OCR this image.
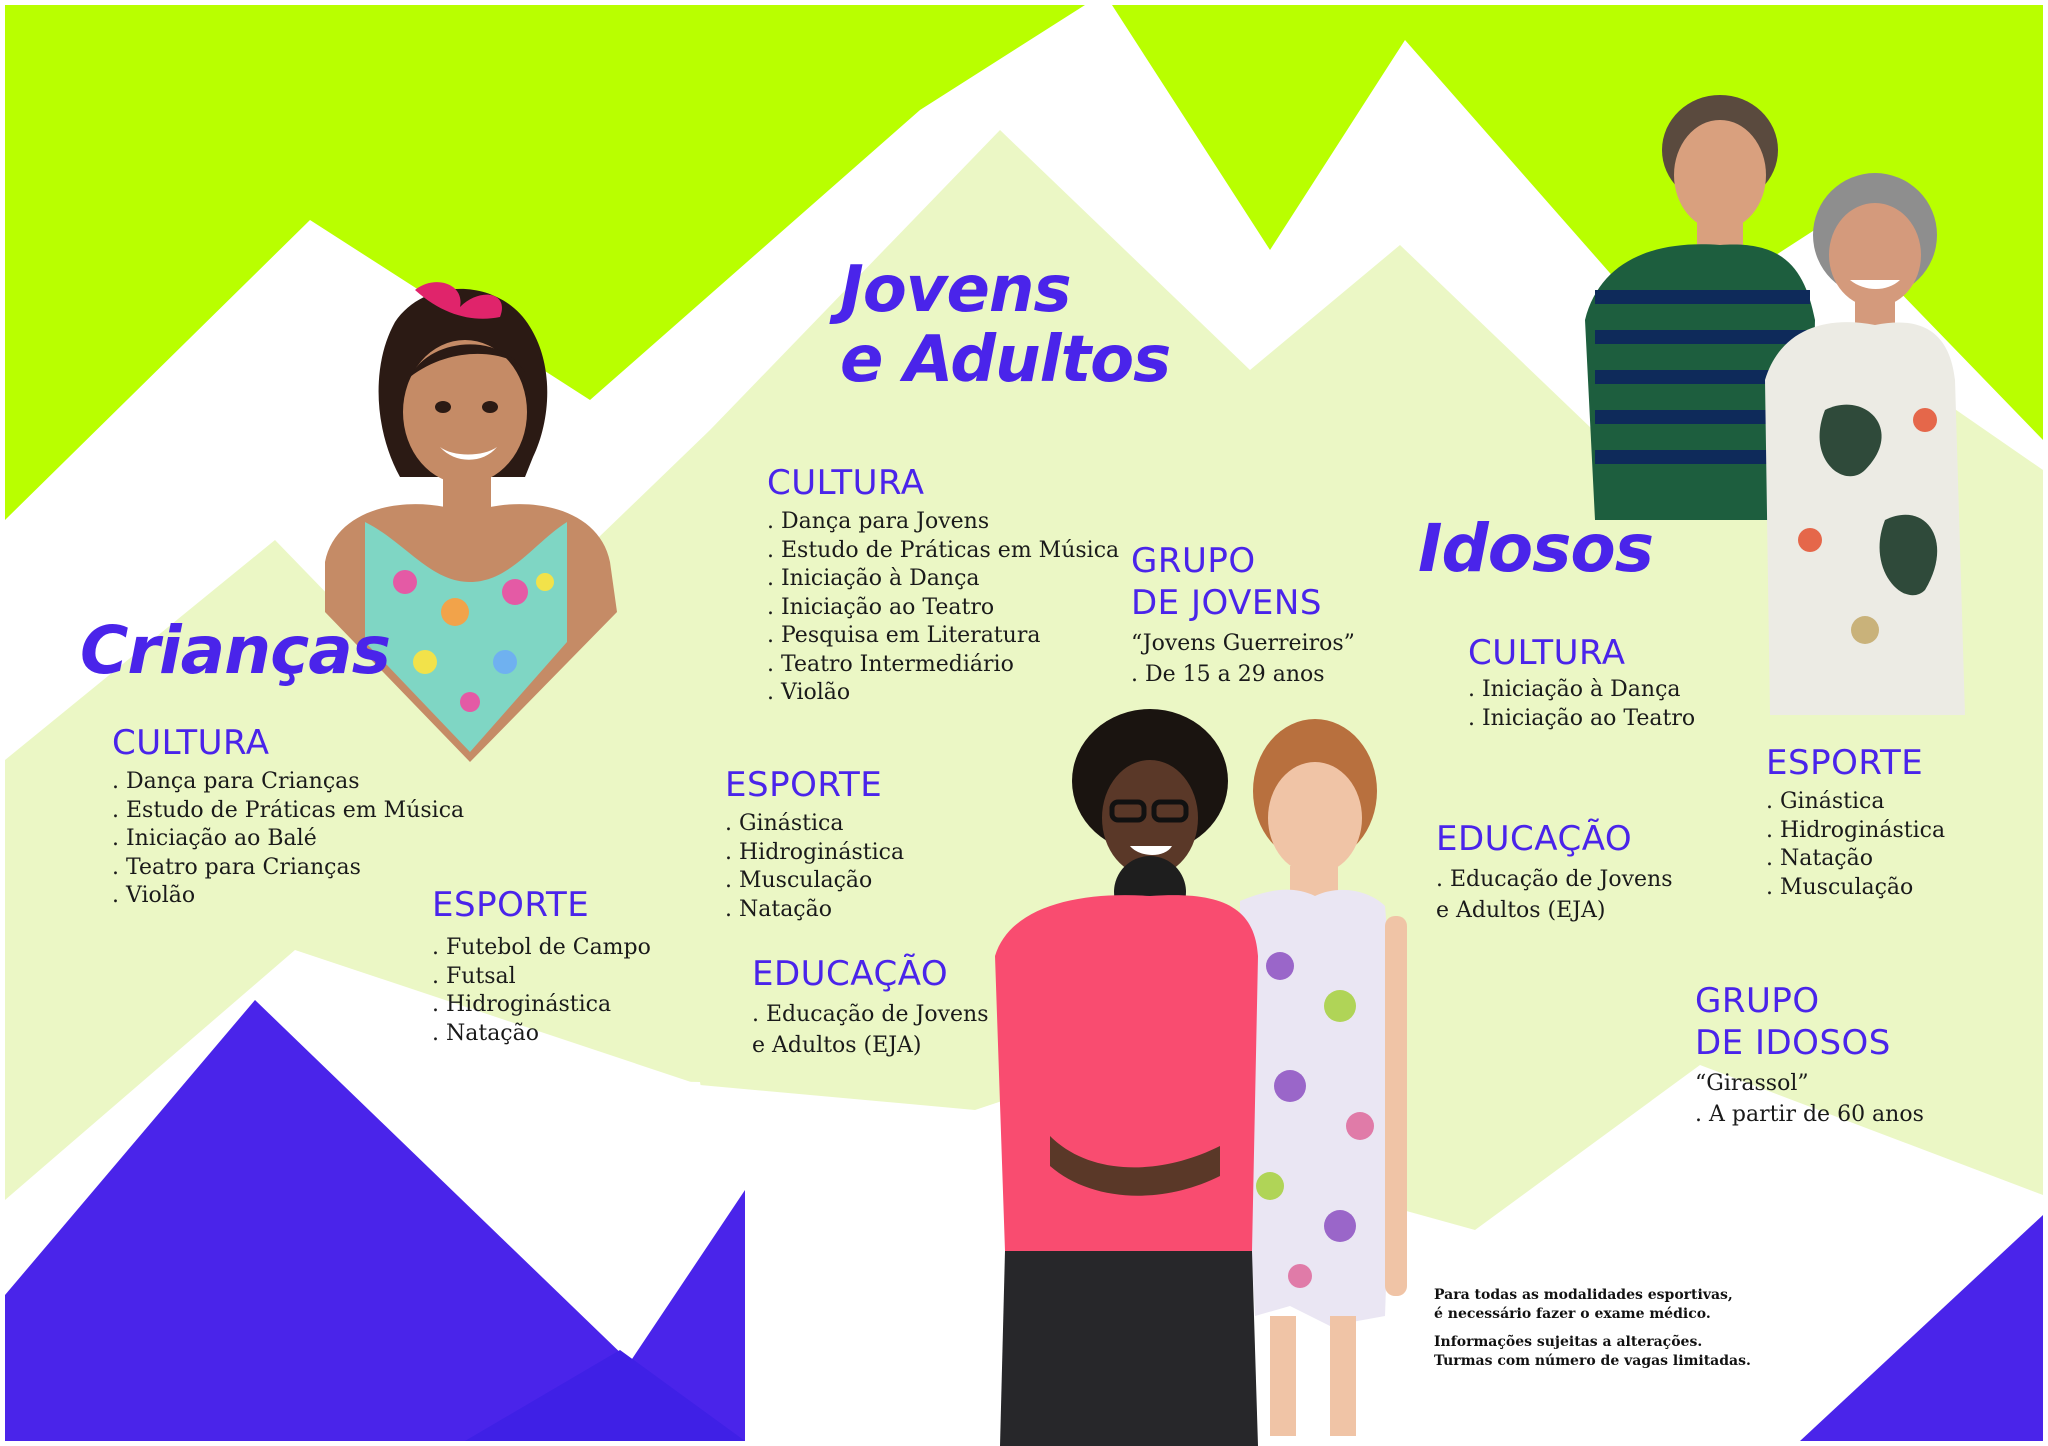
Crianças
Jovens
e Adultos
Idosos
CULTURA
. Dança para Crianças
. Estudo de Práticas em Música
. Iniciação ao Balé
. Teatro para Crianças
. Violão	ESPORTE
. Futebol de Campo
. Futsal
. Hidroginástica
. Natação
CULTURA
. Dança para Jovens
. Estudo de Práticas em Música
. Iniciação à Dança
. Iniciação ao Teatro
. Pesquisa em Literatura
. Teatro Intermediário
. Violão
ESPORTE
. Ginástica
. Hidroginástica
. Musculação
. Natação
EDUCAÇÃO
. Educação de Jovens
e Adultos (EJA)
GRUPO
DE JOVENS
“Jovens Guerreiros”
. De 15 a 29 anos
CULTURA
. Iniciação à Dança
. Iniciação ao Teatro
EDUCAÇÃO
. Educação de Jovens
e Adultos (EJA)
ESPORTE
. Ginástica
. Hidroginástica
. Natação
. Musculação
GRUPO
DE IDOSOS
“Girassol”
. A partir de 60 anos

Para todas as modalidades esportivas,
é necessário fazer o exame médico.

Informações sujeitas a alterações.
Turmas com número de vagas limitadas.
